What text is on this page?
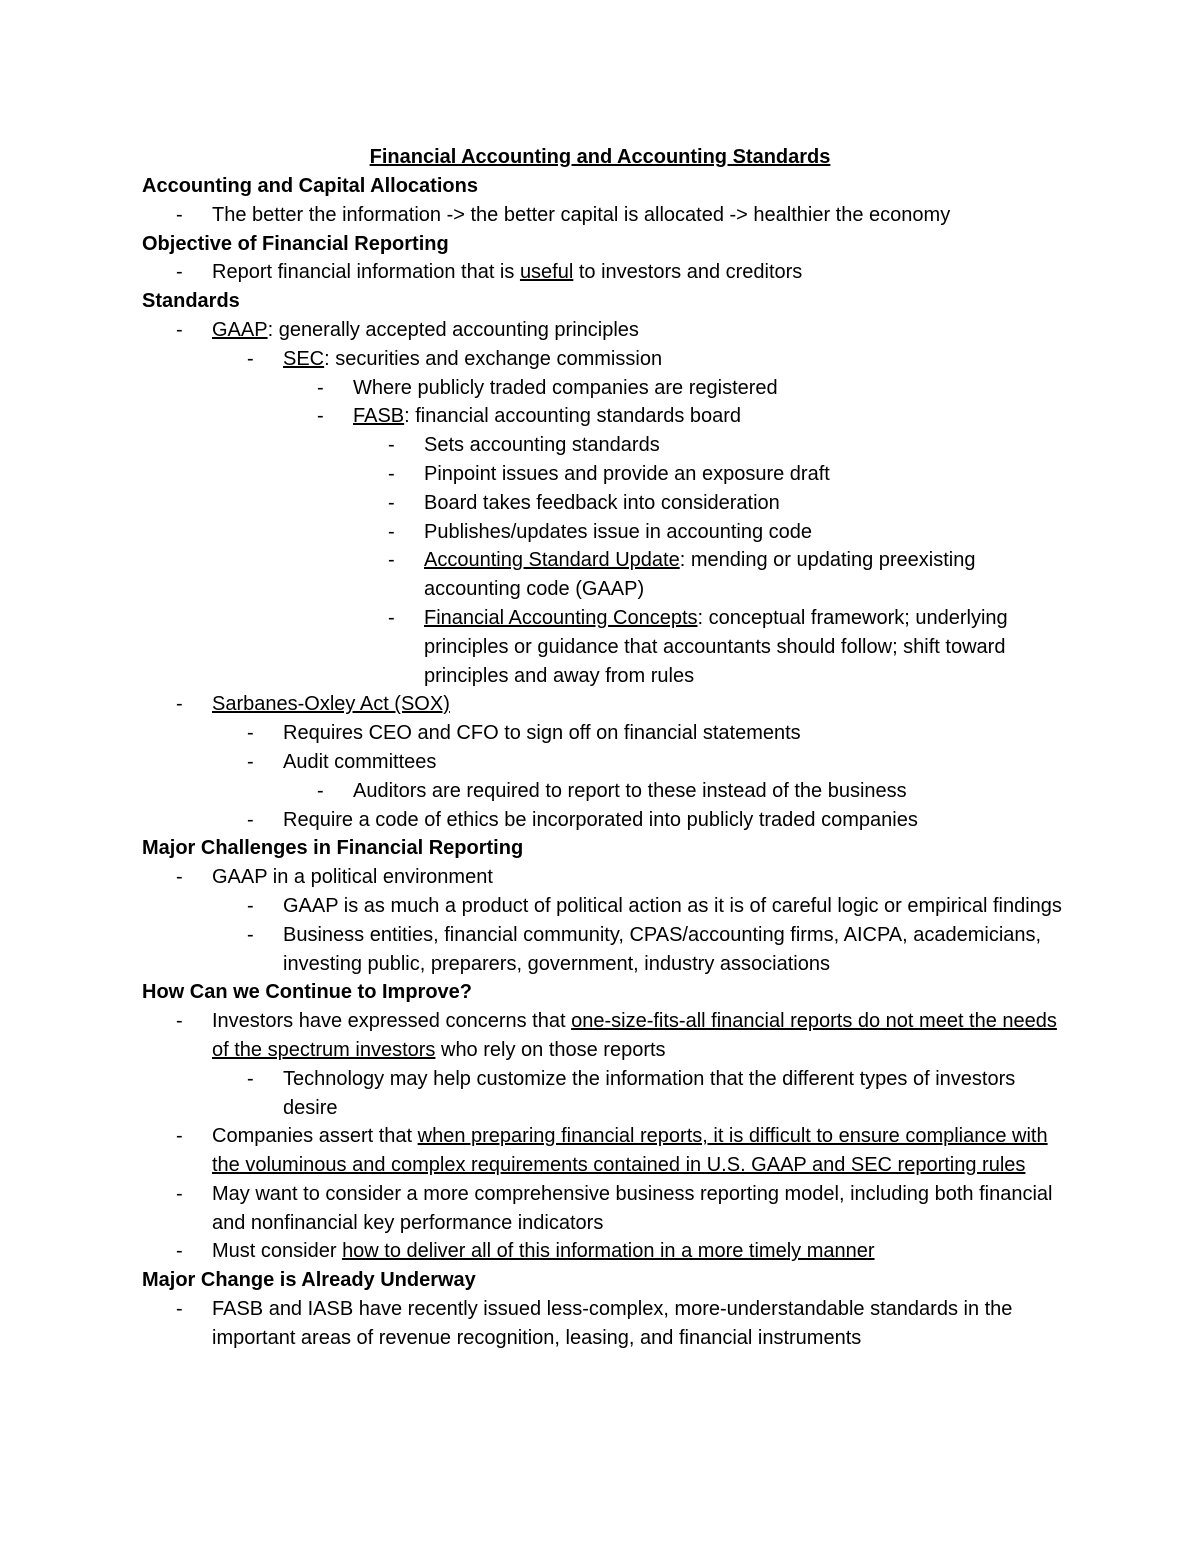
Financial Accounting and Accounting Standards
Accounting and Capital Allocations
- The better the information -> the better capital is allocated -> healthier the economy
Objective of Financial Reporting
- Report financial information that is useful to investors and creditors
Standards
- GAAP: generally accepted accounting principles
- SEC: securities and exchange commission
- Where publicly traded companies are registered
- FASB: financial accounting standards board
- Sets accounting standards
- Pinpoint issues and provide an exposure draft
- Board takes feedback into consideration
- Publishes/updates issue in accounting code
- Accounting Standard Update: mending or updating preexisting accounting code (GAAP)
- Financial Accounting Concepts: conceptual framework; underlying principles or guidance that accountants should follow; shift toward principles and away from rules
- Sarbanes-Oxley Act (SOX)
- Requires CEO and CFO to sign off on financial statements
- Audit committees
- Auditors are required to report to these instead of the business
- Require a code of ethics be incorporated into publicly traded companies
Major Challenges in Financial Reporting
- GAAP in a political environment
- GAAP is as much a product of political action as it is of careful logic or empirical findings
- Business entities, financial community, CPAS/accounting firms, AICPA, academicians, investing public, preparers, government, industry associations
How Can we Continue to Improve?
- Investors have expressed concerns that one-size-fits-all financial reports do not meet the needs of the spectrum investors who rely on those reports
- Technology may help customize the information that the different types of investors desire
- Companies assert that when preparing financial reports, it is difficult to ensure compliance with the voluminous and complex requirements contained in U.S. GAAP and SEC reporting rules
- May want to consider a more comprehensive business reporting model, including both financial and nonfinancial key performance indicators
- Must consider how to deliver all of this information in a more timely manner
Major Change is Already Underway
- FASB and IASB have recently issued less-complex, more-understandable standards in the important areas of revenue recognition, leasing, and financial instruments
